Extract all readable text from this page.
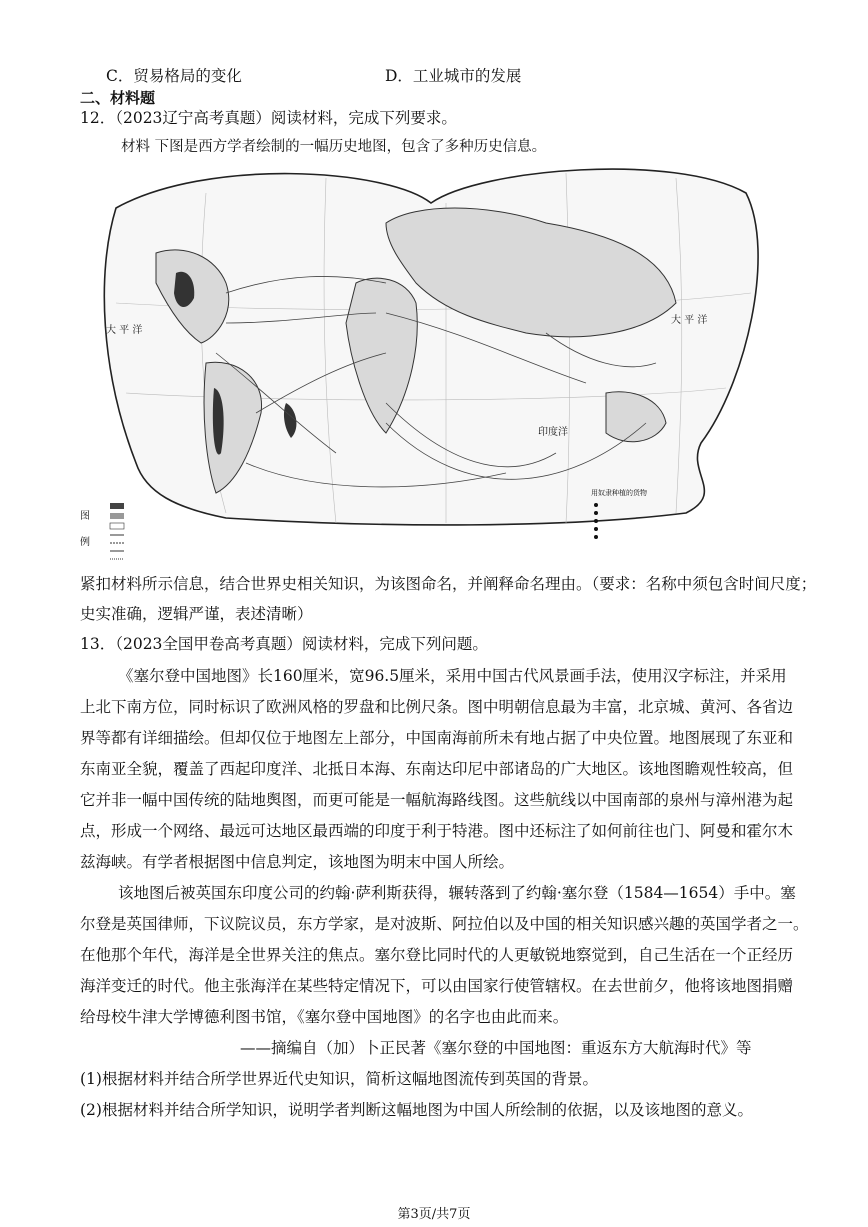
C．贸易格局的变化	D．工业城市的发展
二、材料题
12．（2023辽宁高考真题）阅读材料，完成下列要求。
材料 下图是西方学者绘制的一幅历史地图，包含了多种历史信息。
大 平 洋
大 平 洋
印度洋
图
例
用奴隶种植的货物
紧扣材料所示信息，结合世界史相关知识，为该图命名，并阐释命名理由。（要求：名称中须包含时间尺度；
史实准确，逻辑严谨，表述清晰）
13．（2023全国甲卷高考真题）阅读材料，完成下列问题。
《塞尔登中国地图》长160厘米，宽96.5厘米，采用中国古代风景画手法，使用汉字标注，并采用
上北下南方位，同时标识了欧洲风格的罗盘和比例尺条。图中明朝信息最为丰富，北京城、黄河、各省边
界等都有详细描绘。但却仅位于地图左上部分，中国南海前所未有地占据了中央位置。地图展现了东亚和
东南亚全貌，覆盖了西起印度洋、北抵日本海、东南达印尼中部诸岛的广大地区。该地图瞻观性较高，但
它并非一幅中国传统的陆地舆图，而更可能是一幅航海路线图。这些航线以中国南部的泉州与漳州港为起
点，形成一个网络、最远可达地区最西端的印度于利于特港。图中还标注了如何前往也门、阿曼和霍尔木
兹海峡。有学者根据图中信息判定，该地图为明末中国人所绘。
该地图后被英国东印度公司的约翰·萨利斯获得，辗转落到了约翰·塞尔登（1584—1654）手中。塞
尔登是英国律师，下议院议员，东方学家，是对波斯、阿拉伯以及中国的相关知识感兴趣的英国学者之一。
在他那个年代，海洋是全世界关注的焦点。塞尔登比同时代的人更敏锐地察觉到，自己生活在一个正经历
海洋变迁的时代。他主张海洋在某些特定情况下，可以由国家行使管辖权。在去世前夕，他将该地图捐赠
给母校牛津大学博德利图书馆，《塞尔登中国地图》的名字也由此而来。
——摘编自（加）卜正民著《塞尔登的中国地图：重返东方大航海时代》等
(1)根据材料并结合所学世界近代史知识，简析这幅地图流传到英国的背景。
(2)根据材料并结合所学知识，说明学者判断这幅地图为中国人所绘制的依据，以及该地图的意义。
第3页/共7页
